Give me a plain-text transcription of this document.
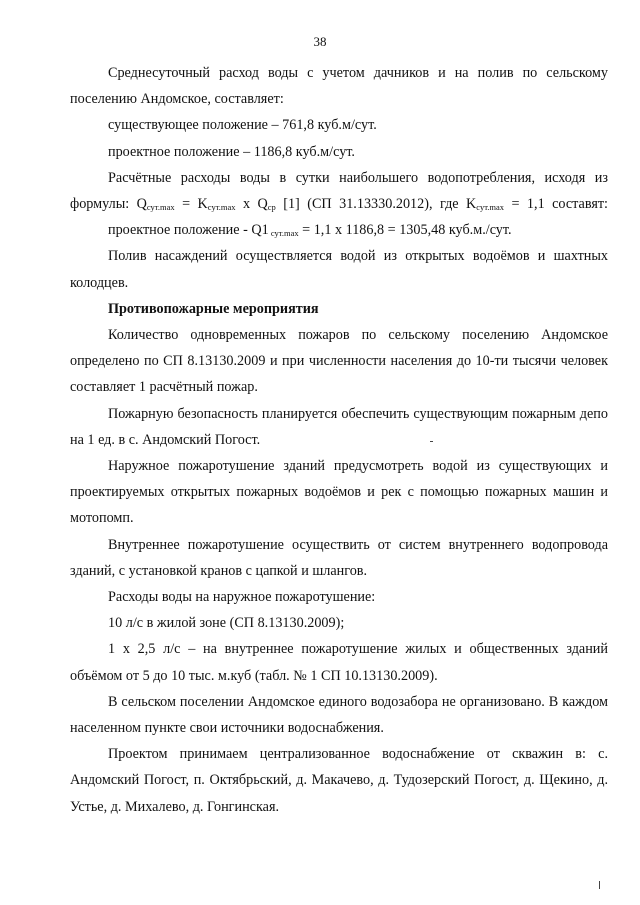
38

Среднесуточный расход воды с учетом дачников и на полив по сельскому поселению Андомское, составляет:

существующее положение – 761,8 куб.м/сут.

проектное положение – 1186,8 куб.м/сут.

Расчётные расходы воды в сутки наибольшего водопотребления, исходя из формулы: $Q_{сут.max} = K_{сут.max}$ x $Q_{ср}$ [1] (СП 31.13330.2012), где $K_{сут.max} = 1,1$ составят:

проектное положение - Q1 $_{сут.max}$ = 1,1 x 1186,8 = 1305,48 куб.м./сут.

Полив насаждений осуществляется водой из открытых водоёмов и шахтных колодцев.

Противопожарные мероприятия

Количество одновременных пожаров по сельскому поселению Андомское определено по СП 8.13130.2009 и при численности населения до 10-ти тысячи человек составляет 1 расчётный пожар.

Пожарную безопасность планируется обеспечить существующим пожарным депо на 1 ед. в с. Андомский Погост.

Наружное пожаротушение зданий предусмотреть водой из существующих и проектируемых открытых пожарных водоёмов и рек с помощью пожарных машин и мотопомп.

Внутреннее пожаротушение осуществить от систем внутреннего водопровода зданий, с установкой кранов с цапкой и шлангов.

Расходы воды на наружное пожаротушение:

10 л/с в жилой зоне (СП 8.13130.2009);

1 х 2,5 л/с – на внутреннее пожаротушение жилых и общественных зданий объёмом от 5 до 10 тыс. м.куб (табл. № 1 СП 10.13130.2009).

В сельском поселении Андомское единого водозабора не организовано. В каждом населенном пункте свои источники водоснабжения.

Проектом принимаем централизованное водоснабжение от скважин в: с. Андомский Погост, п. Октябрьский, д. Макачево, д. Тудозерский Погост, д. Щекино, д. Устье, д. Михалево, д. Гонгинская.
